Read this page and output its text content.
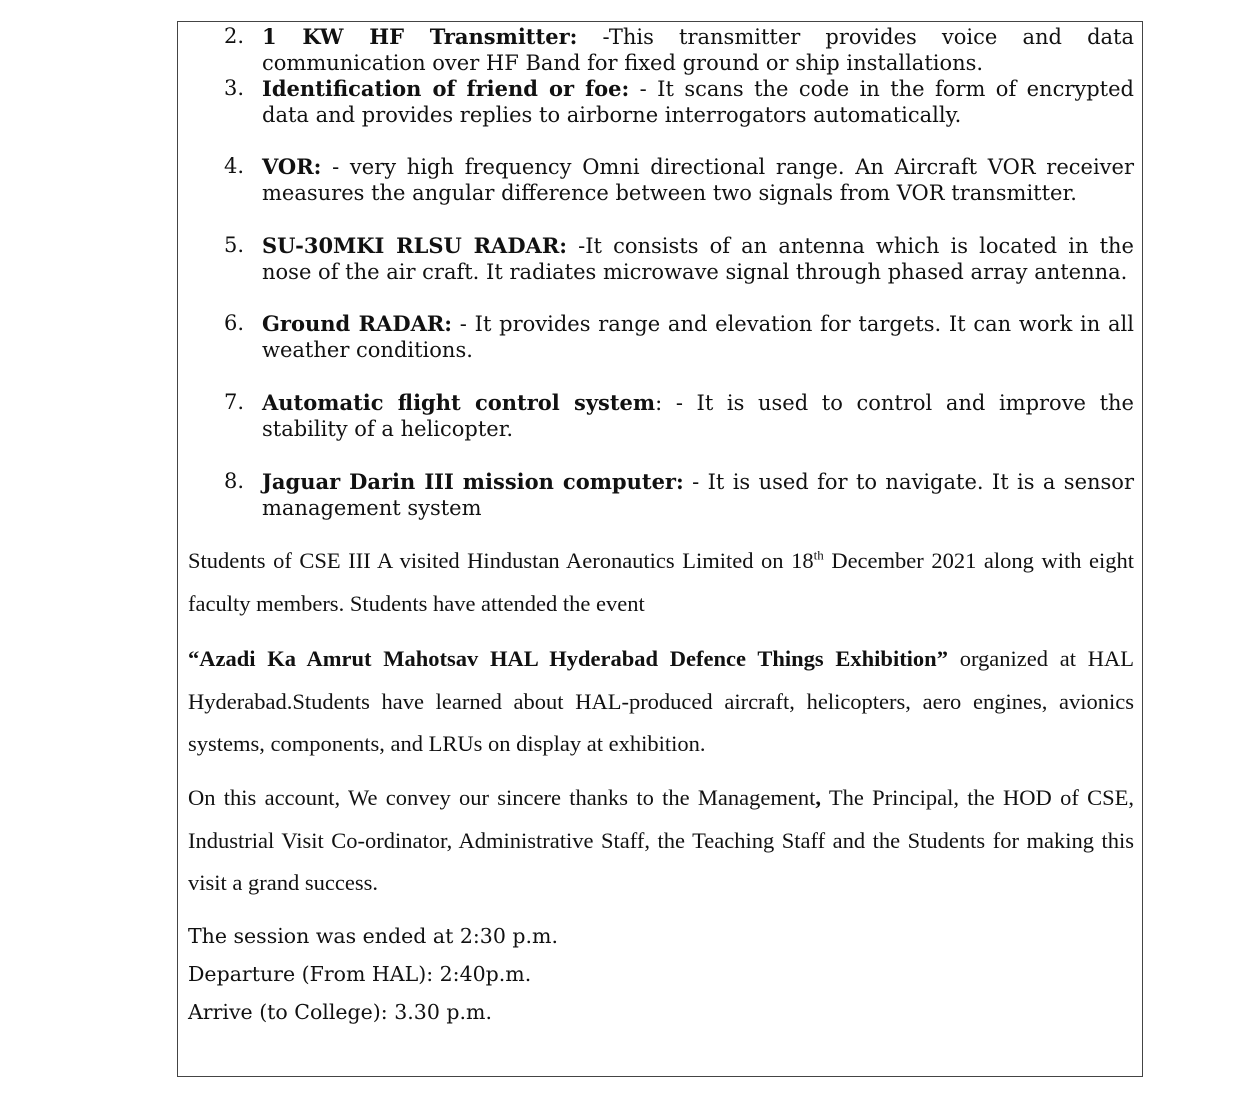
2. 1 KW HF Transmitter: -This transmitter provides voice and data communication over HF Band for fixed ground or ship installations.
3. Identification of friend or foe: - It scans the code in the form of encrypted data and provides replies to airborne interrogators automatically.
4. VOR: - very high frequency Omni directional range. An Aircraft VOR receiver measures the angular difference between two signals from VOR transmitter.
5. SU-30MKI RLSU RADAR: -It consists of an antenna which is located in the nose of the air craft. It radiates microwave signal through phased array antenna.
6. Ground RADAR: - It provides range and elevation for targets. It can work in all weather conditions.
7. Automatic flight control system: - It is used to control and improve the stability of a helicopter.
8. Jaguar Darin III mission computer: - It is used for to navigate. It is a sensor management system
Students of CSE III A visited Hindustan Aeronautics Limited on 18th December 2021 along with eight faculty members. Students have attended the event
“Azadi Ka Amrut Mahotsav HAL Hyderabad Defence Things Exhibition” organized at HAL Hyderabad.Students have learned about HAL-produced aircraft, helicopters, aero engines, avionics systems, components, and LRUs on display at exhibition.
On this account, We convey our sincere thanks to the Management, The Principal, the HOD of CSE, Industrial Visit Co-ordinator, Administrative Staff, the Teaching Staff and the Students for making this visit a grand success.
The session was ended at 2:30 p.m.
Departure (From HAL): 2:40p.m.
Arrive (to College): 3.30 p.m.
